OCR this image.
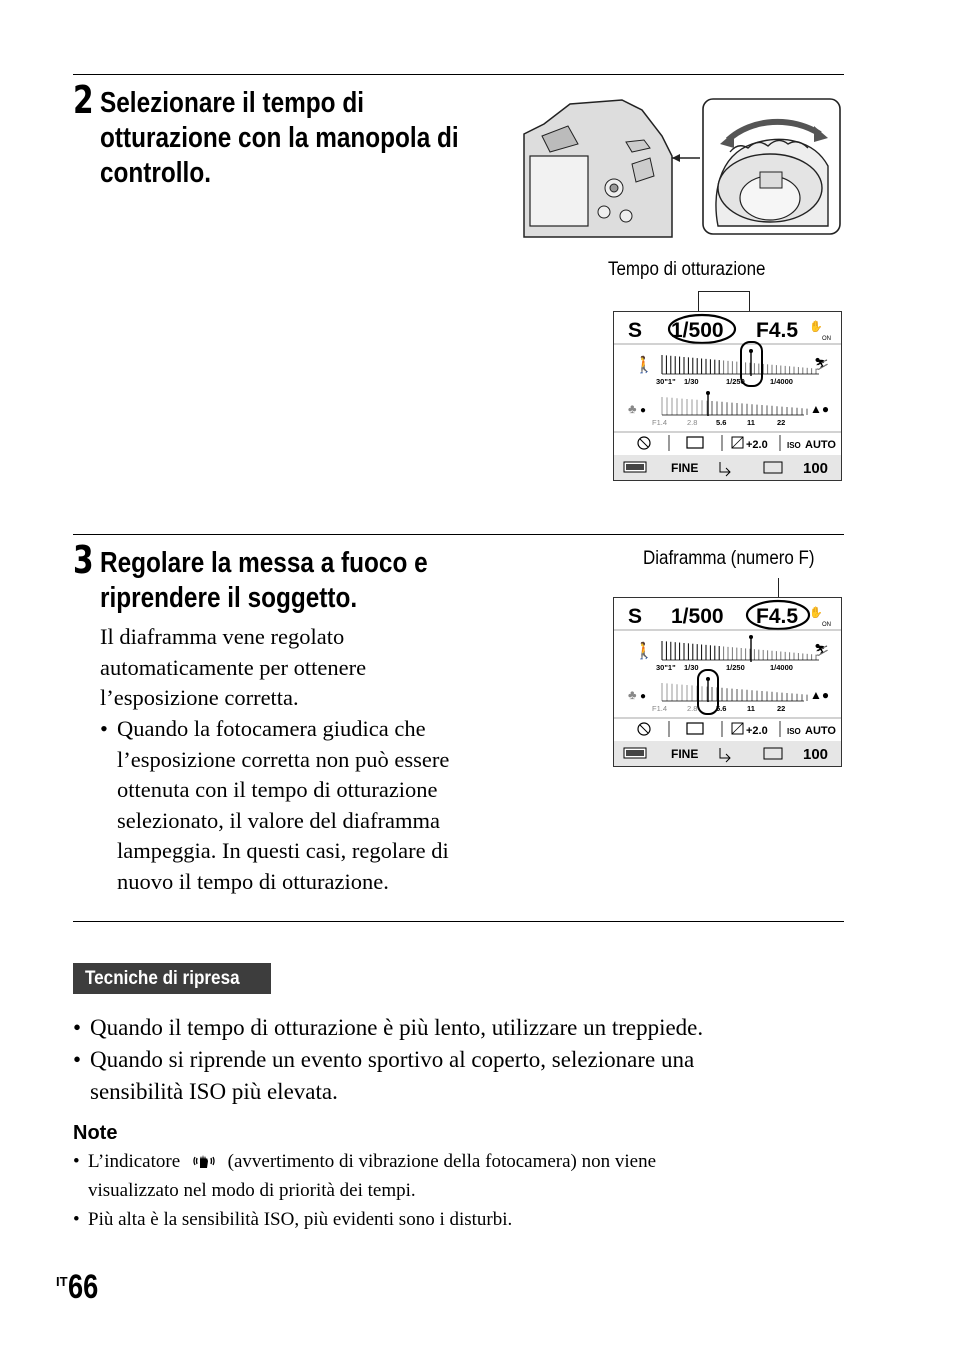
2 Selezionare il tempo di
otturazione con la manopola di
controllo.
Tempo di otturazione
S 1/500 F4.5 ✋
ON
🚶	⛷
30"1" 1/30	1/250	1/4000
♣ ●	▲●
F1.4	2.8 5.6	11	22
+2.0 ISO AUTO
FINE	100
3 Regolare la messa a fuoco e
riprendere il soggetto.
Il diaframma vene regolato
automaticamente per ottenere
l’esposizione corretta.
• Quando la fotocamera giudica che
l’esposizione corretta non può essere
ottenuta con il tempo di otturazione
selezionato, il valore del diaframma
lampeggia. In questi casi, regolare di
nuovo il tempo di otturazione.
Diaframma (numero F)
S 1/500 F4.5 ✋
ON
🚶	⛷
30"1" 1/30	1/250	1/4000
♣ ●	▲●
F1.4	2.8 5.6	11	22
+2.0 ISO AUTO
FINE	100
Tecniche di ripresa
• Quando il tempo di otturazione è più lento, utilizzare un treppiede.
• Quando si riprende un evento sportivo al coperto, selezionare una
sensibilità ISO più elevata.
Note
• L’indicatore	(avvertimento di vibrazione della fotocamera) non viene
visualizzato nel modo di priorità dei tempi.
• Più alta è la sensibilità ISO, più evidenti sono i disturbi.
$^{IT}$66
